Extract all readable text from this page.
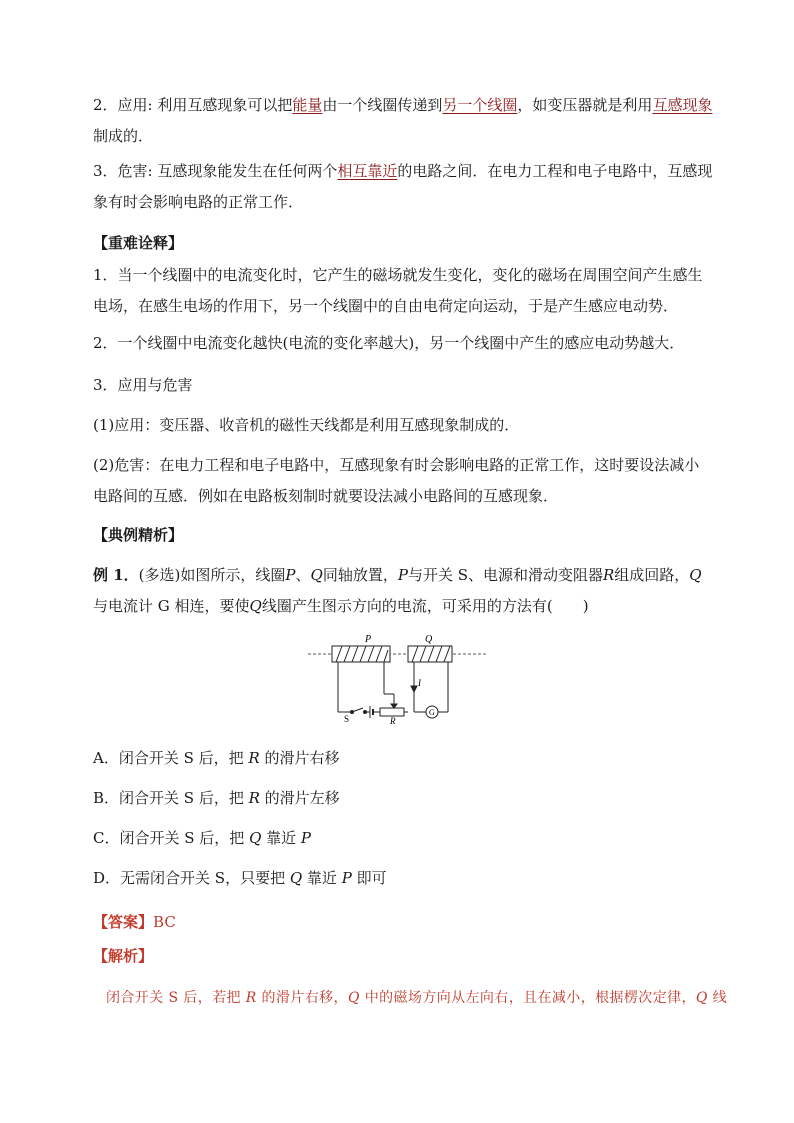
2．应用: 利用互感现象可以把能量由一个线圈传递到另一个线圈，如变压器就是利用互感现象制成的．

3．危害: 互感现象能发生在任何两个相互靠近的电路之间．在电力工程和电子电路中，互感现象有时会影响电路的正常工作．

【重难诠释】

1．当一个线圈中的电流变化时，它产生的磁场就发生变化，变化的磁场在周围空间产生感生电场，在感生电场的作用下，另一个线圈中的自由电荷定向运动，于是产生感应电动势．

2．一个线圈中电流变化越快(电流的变化率越大)，另一个线圈中产生的感应电动势越大．

3．应用与危害

(1)应用：变压器、收音机的磁性天线都是利用互感现象制成的．

(2)危害：在电力工程和电子电路中，互感现象有时会影响电路的正常工作，这时要设法减小电路间的互感．例如在电路板刻制时就要设法减小电路间的互感现象．

【典例精析】

例 1．(多选)如图所示，线圈P、Q同轴放置，P与开关 S、电源和滑动变阻器R组成回路，Q与电流计 G 相连，要使Q线圈产生图示方向的电流，可采用的方法有(　　)

P	Q
I
S	R
G

A．闭合开关 S 后，把 R 的滑片右移

B．闭合开关 S 后，把 R 的滑片左移

C．闭合开关 S 后，把 Q 靠近 P

D．无需闭合开关 S，只要把 Q 靠近 P 即可

【答案】BC

【解析】

闭合开关 S 后，若把 R 的滑片右移，Q 中的磁场方向从左向右，且在减小，根据楞次定律，Q 线
